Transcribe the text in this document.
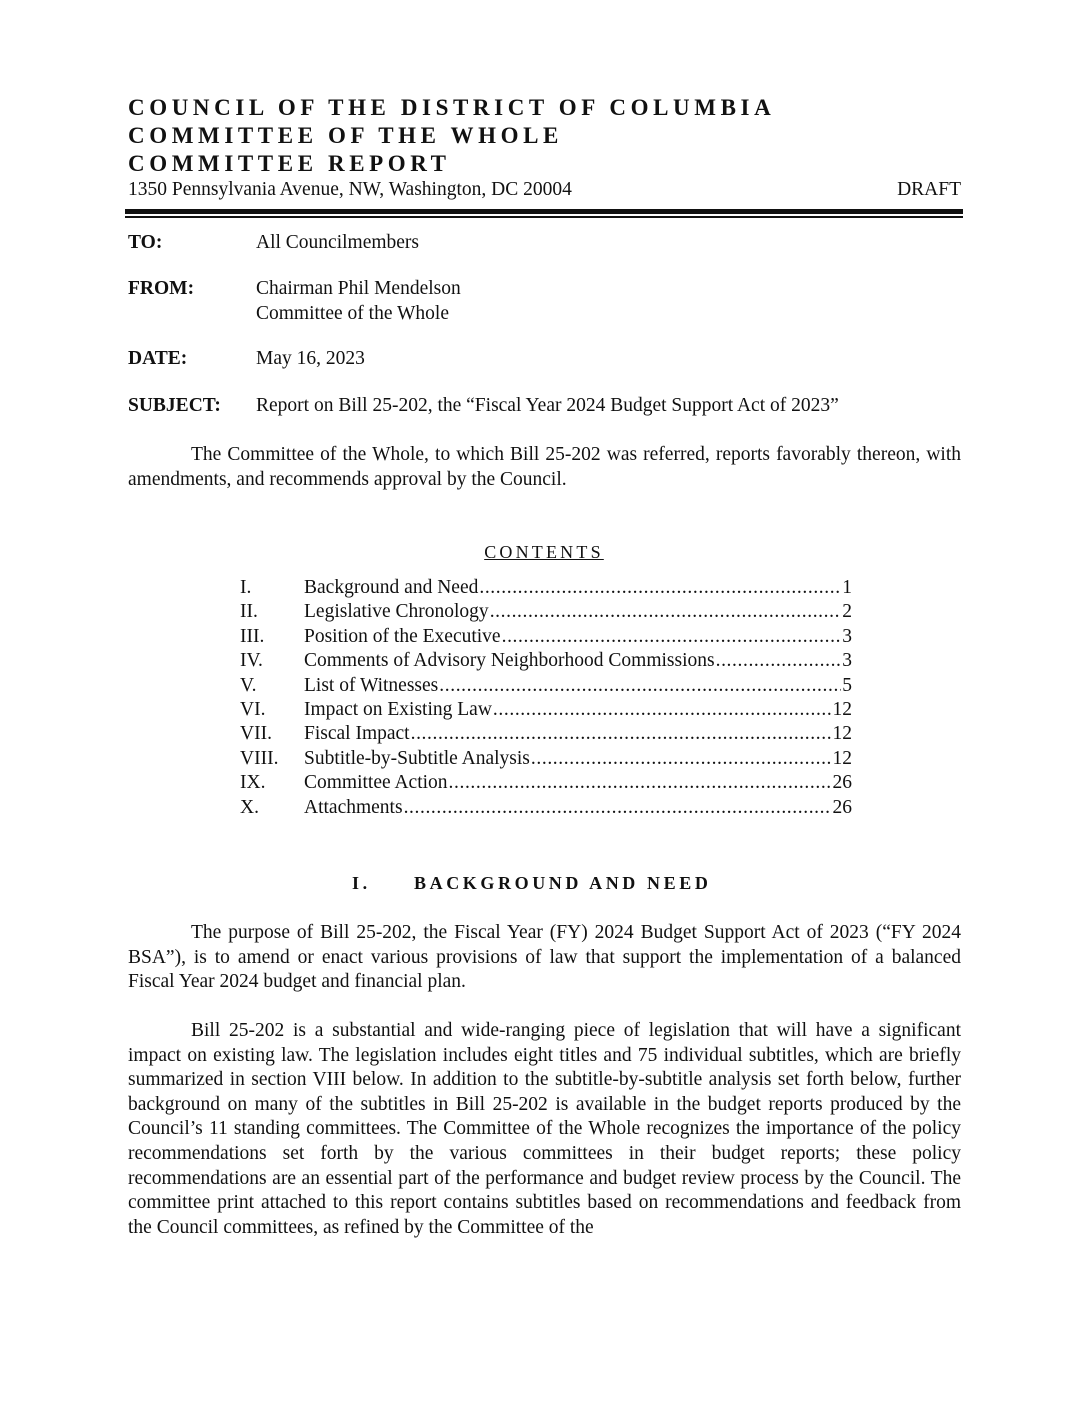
COUNCIL OF THE DISTRICT OF COLUMBIA
COMMITTEE OF THE WHOLE
COMMITTEE REPORT
1350 Pennsylvania Avenue, NW, Washington, DC 20004	DRAFT
TO:	All Councilmembers
FROM:	Chairman Phil Mendelson
Committee of the Whole
DATE:	May 16, 2023
SUBJECT: Report on Bill 25-202, the “Fiscal Year 2024 Budget Support Act of 2023”
The Committee of the Whole, to which Bill 25-202 was referred, reports favorably thereon, with amendments, and recommends approval by the Council.
CONTENTS
I.	Background and Need .....	1
II.	Legislative Chronology .....	2
III.	Position of the Executive .....	3
IV.	Comments of Advisory Neighborhood Commissions .....	3
V.	List of Witnesses .....	5
VI.	Impact on Existing Law .....	12
VII.	Fiscal Impact .....	12
VIII.	Subtitle-by-Subtitle Analysis .....	12
IX.	Committee Action .....	26
X.	Attachments .....	26
I. BACKGROUND AND NEED
The purpose of Bill 25-202, the Fiscal Year (FY) 2024 Budget Support Act of 2023 (“FY 2024 BSA”), is to amend or enact various provisions of law that support the implementation of a balanced Fiscal Year 2024 budget and financial plan.
Bill 25-202 is a substantial and wide-ranging piece of legislation that will have a significant impact on existing law. The legislation includes eight titles and 75 individual subtitles, which are briefly summarized in section VIII below. In addition to the subtitle-by-subtitle analysis set forth below, further background on many of the subtitles in Bill 25-202 is available in the budget reports produced by the Council’s 11 standing committees. The Committee of the Whole recognizes the importance of the policy recommendations set forth by the various committees in their budget reports; these policy recommendations are an essential part of the performance and budget review process by the Council. The committee print attached to this report contains subtitles based on recommendations and feedback from the Council committees, as refined by the Committee of the
